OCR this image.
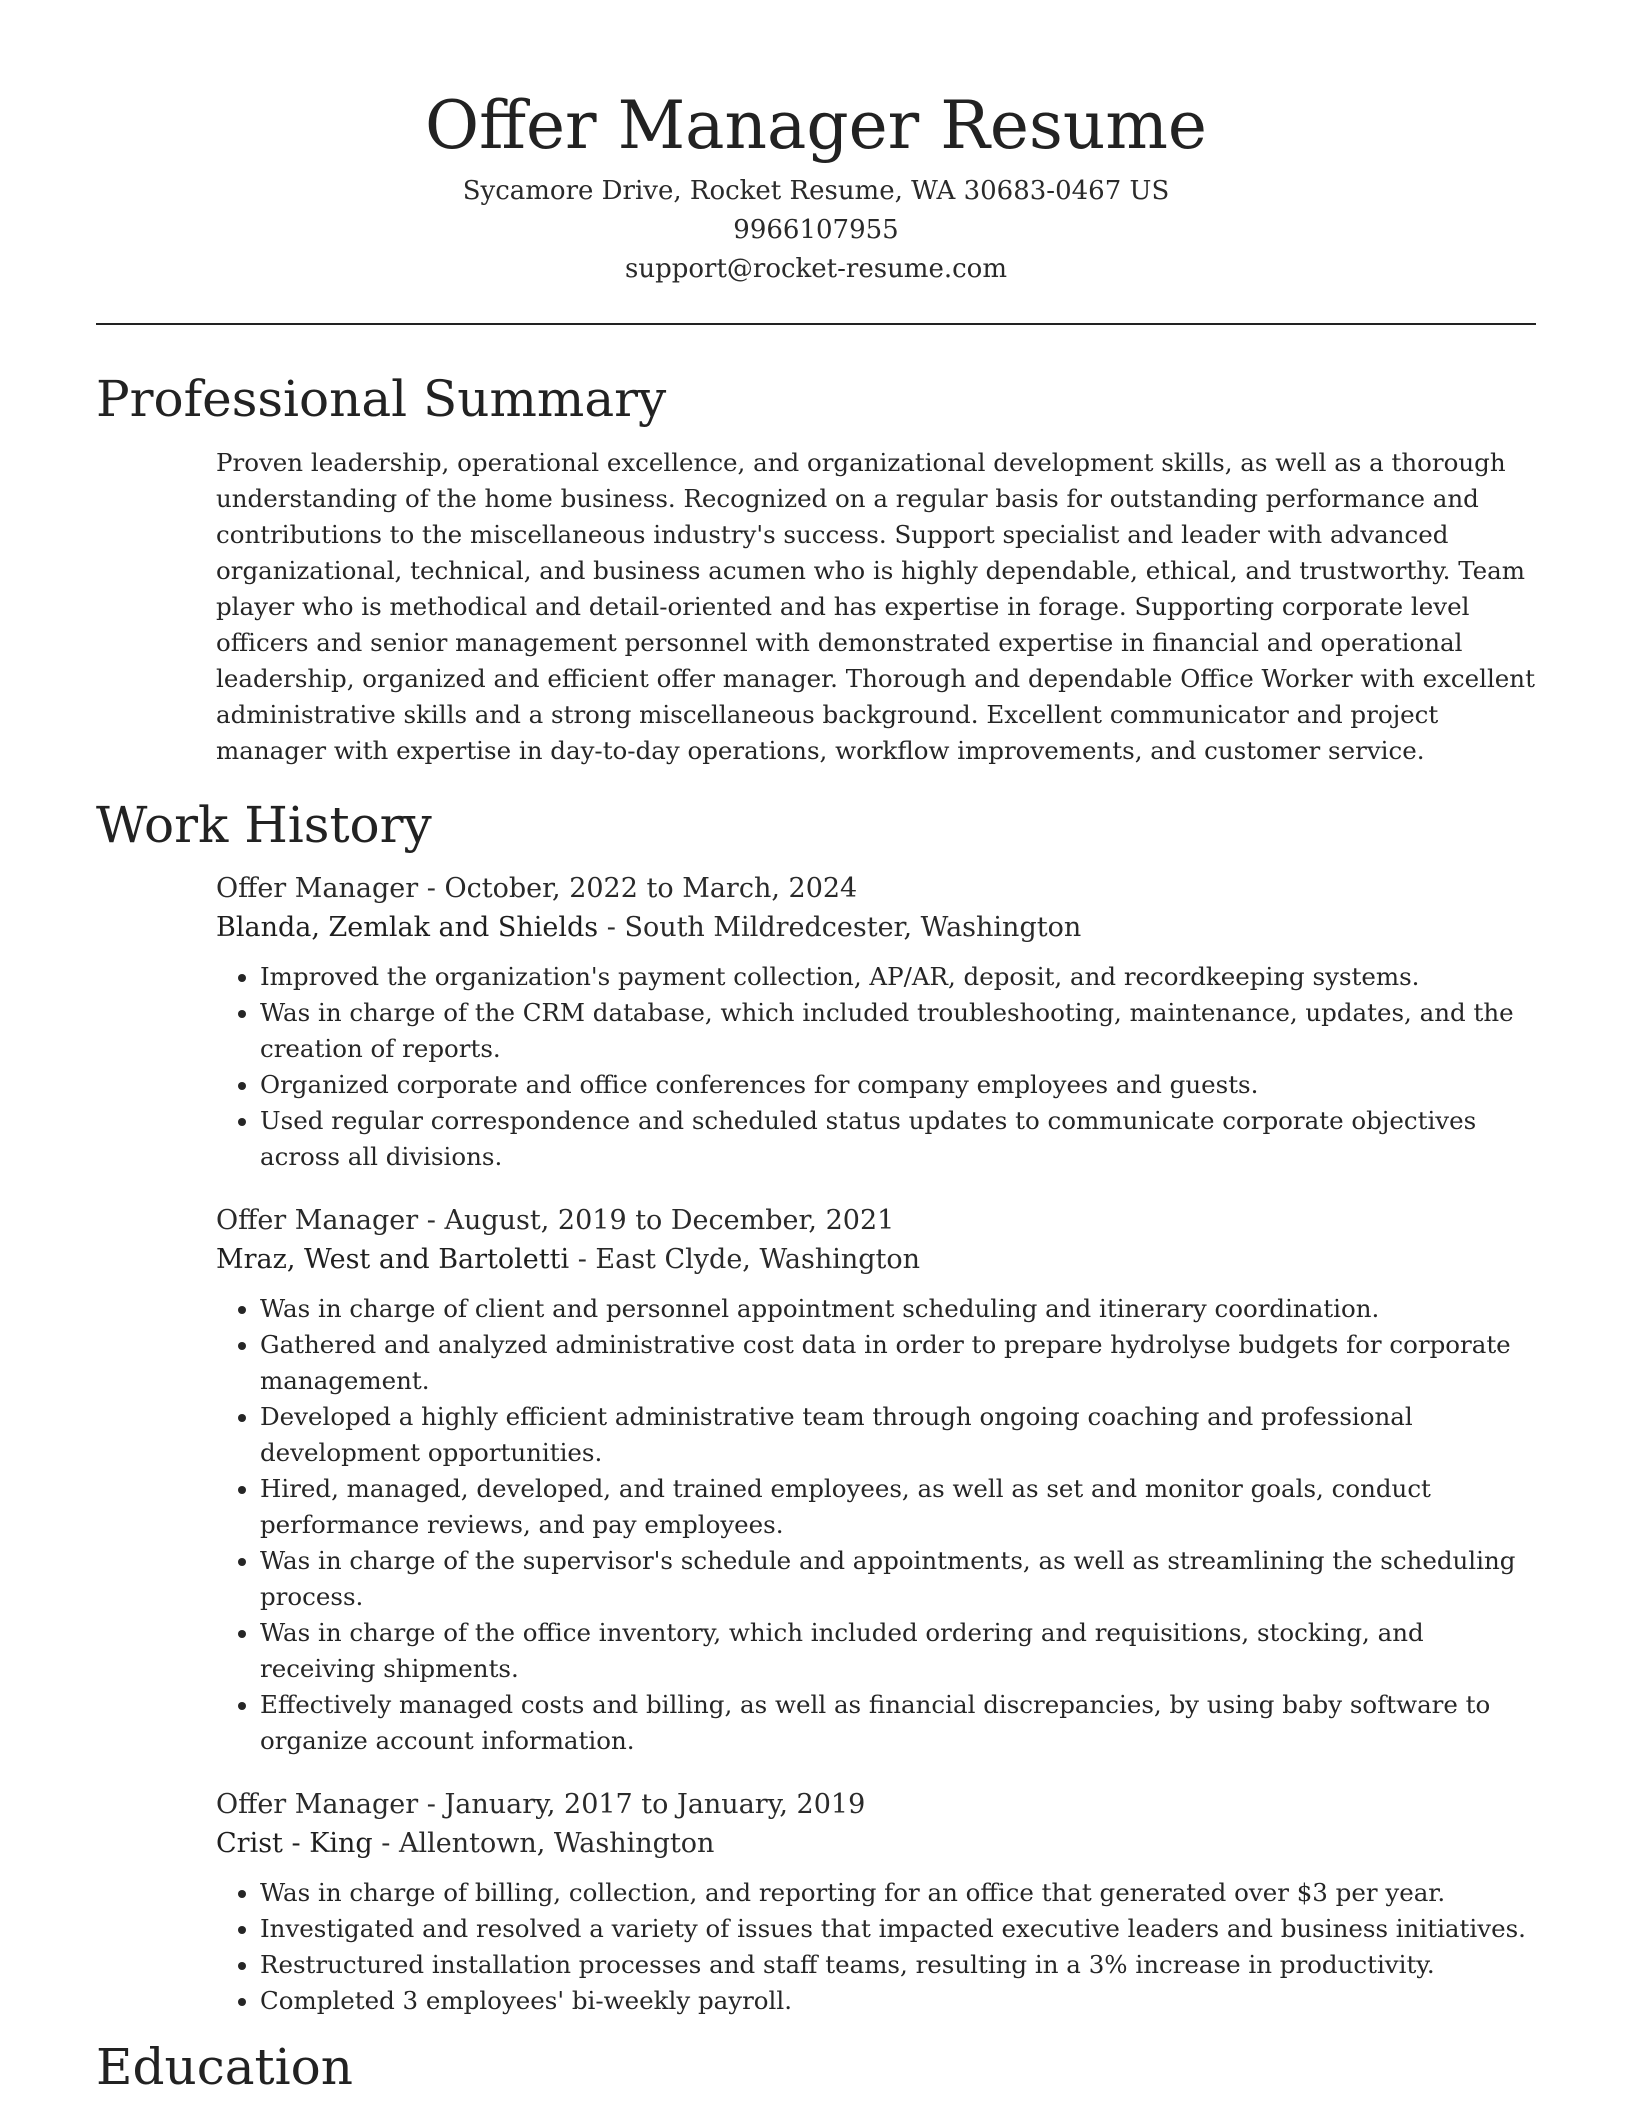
Offer Manager Resume
Sycamore Drive, Rocket Resume, WA 30683-0467 US
9966107955
support@rocket-resume.com
Professional Summary

Proven leadership, operational excellence, and organizational development skills, as well as a thorough understanding of the home business. Recognized on a regular basis for outstanding performance and contributions to the miscellaneous industry's success. Support specialist and leader with advanced organizational, technical, and business acumen who is highly dependable, ethical, and trustworthy. Team player who is methodical and detail-oriented and has expertise in forage. Supporting corporate level officers and senior management personnel with demonstrated expertise in financial and operational leadership, organized and efficient offer manager. Thorough and dependable Office Worker with excellent administrative skills and a strong miscellaneous background. Excellent communicator and project manager with expertise in day-to-day operations, workflow improvements, and customer service.

Work History
Offer Manager - October, 2022 to March, 2024
Blanda, Zemlak and Shields - South Mildredcester, Washington
• Improved the organization's payment collection, AP/AR, deposit, and recordkeeping systems.
• Was in charge of the CRM database, which included troubleshooting, maintenance, updates, and the creation of reports.
• Organized corporate and office conferences for company employees and guests.
• Used regular correspondence and scheduled status updates to communicate corporate objectives across all divisions.
Offer Manager - August, 2019 to December, 2021
Mraz, West and Bartoletti - East Clyde, Washington
• Was in charge of client and personnel appointment scheduling and itinerary coordination.
• Gathered and analyzed administrative cost data in order to prepare hydrolyse budgets for corporate management.
• Developed a highly efficient administrative team through ongoing coaching and professional development opportunities.
• Hired, managed, developed, and trained employees, as well as set and monitor goals, conduct performance reviews, and pay employees.
• Was in charge of the supervisor's schedule and appointments, as well as streamlining the scheduling process.
• Was in charge of the office inventory, which included ordering and requisitions, stocking, and receiving shipments.
• Effectively managed costs and billing, as well as financial discrepancies, by using baby software to organize account information.
Offer Manager - January, 2017 to January, 2019
Crist - King - Allentown, Washington
• Was in charge of billing, collection, and reporting for an office that generated over $3 per year.
• Investigated and resolved a variety of issues that impacted executive leaders and business initiatives.
• Restructured installation processes and staff teams, resulting in a 3% increase in productivity.
• Completed 3 employees' bi-weekly payroll.
Education
